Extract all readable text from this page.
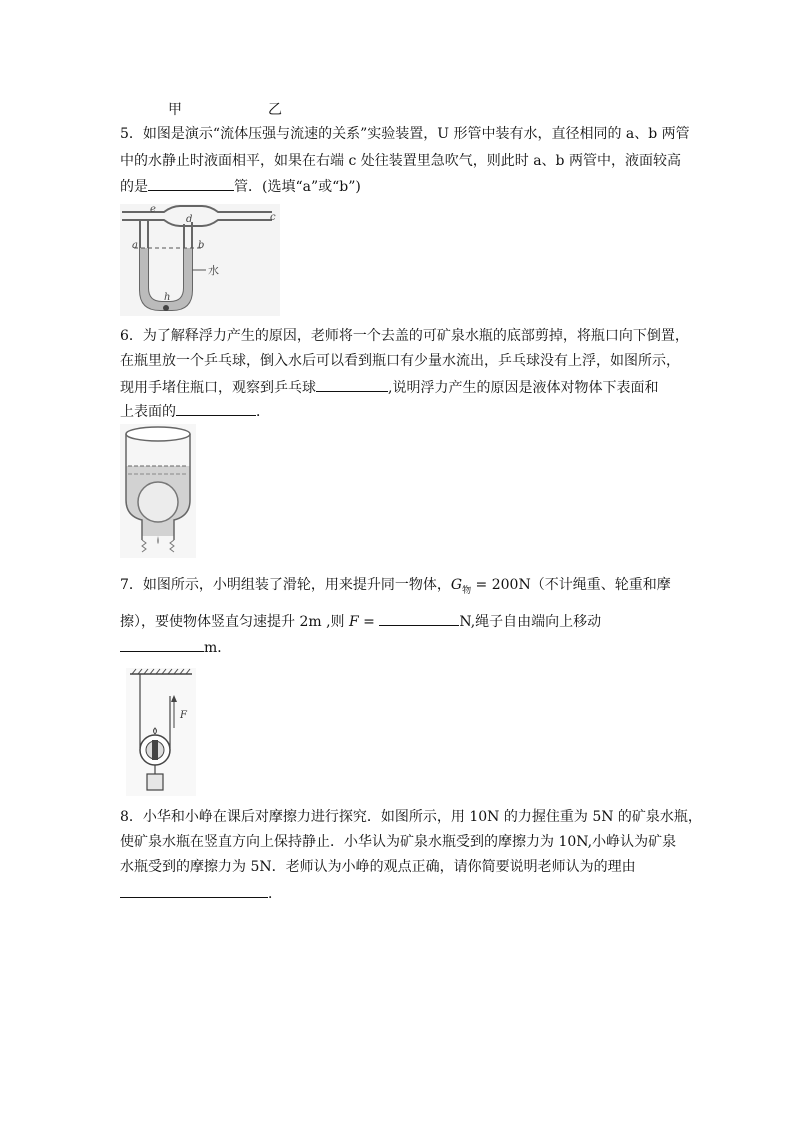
甲	乙
5．如图是演示“流体压强与流速的关系”实验装置，U 形管中装有水，直径相同的 a、b 两管
中的水静止时液面相平，如果在右端 c 处往装置里急吹气，则此时 a、b 两管中，液面较高
的是	管．(选填“a”或“b”)
e
d	c
a	b
水
h
6．为了解释浮力产生的原因，老师将一个去盖的可矿泉水瓶的底部剪掉，将瓶口向下倒置，
在瓶里放一个乒乓球，倒入水后可以看到瓶口有少量水流出，乒乓球没有上浮，如图所示，
现用手堵住瓶口，观察到乒乓球	,说明浮力产生的原因是液体对物体下表面和
上表面的	．
7．如图所示，小明组装了滑轮，用来提升同一物体，$G_物 = 200N$（不计绳重、轮重和摩
擦），要使物体竖直匀速提升 2m ,则 F =	N,绳子自由端向上移动
m．
F
8．小华和小峥在课后对摩擦力进行探究．如图所示，用 10N 的力握住重为 5N 的矿泉水瓶，
使矿泉水瓶在竖直方向上保持静止．小华认为矿泉水瓶受到的摩擦力为 10N,小峥认为矿泉
水瓶受到的摩擦力为 5N．老师认为小峥的观点正确，请你简要说明老师认为的理由
．
